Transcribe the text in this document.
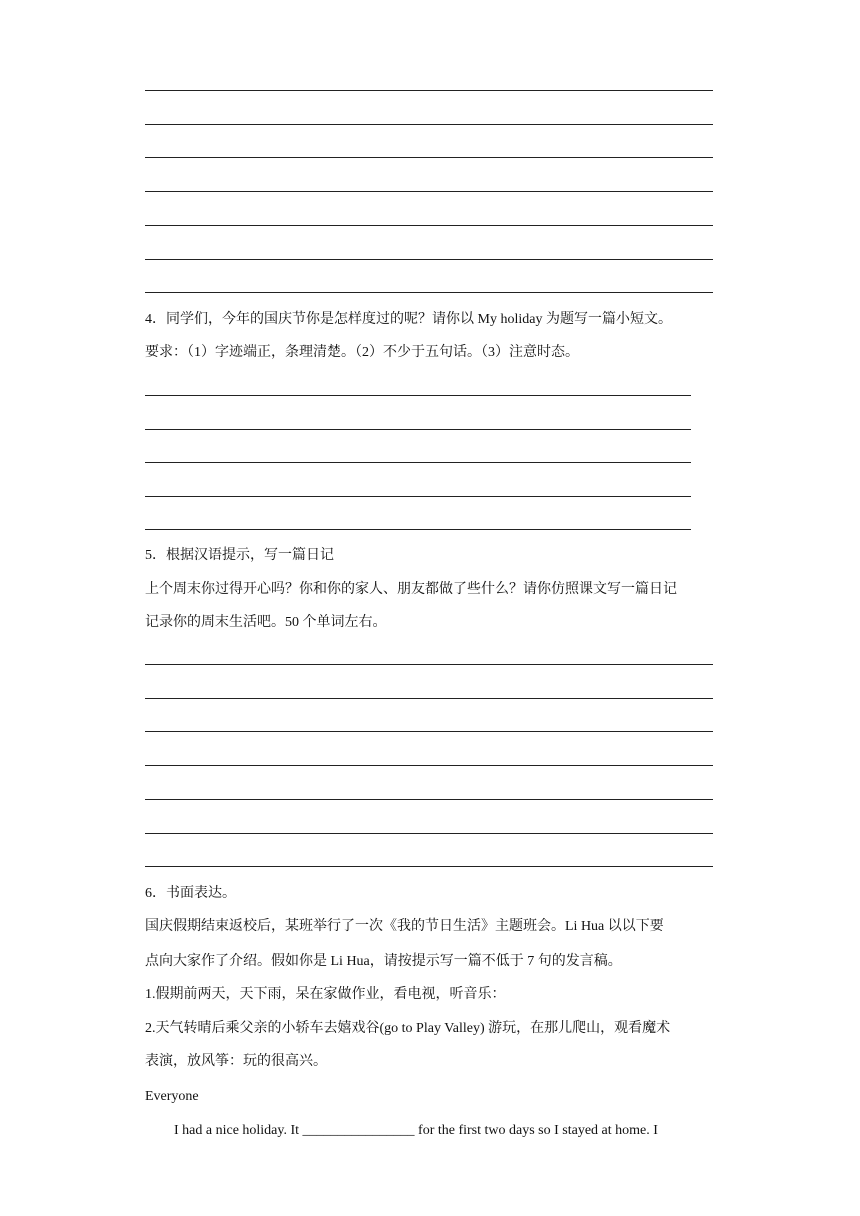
4．同学们，今年的国庆节你是怎样度过的呢？请你以 My holiday 为题写一篇小短文。
要求：（1）字迹端正，条理清楚。（2）不少于五句话。（3）注意时态。
5．根据汉语提示，写一篇日记
上个周末你过得开心吗？你和你的家人、朋友都做了些什么？请你仿照课文写一篇日记
记录你的周末生活吧。50 个单词左右。
6．书面表达。
国庆假期结束返校后，某班举行了一次《我的节日生活》主题班会。Li Hua 以以下要
点向大家作了介绍。假如你是 Li Hua，请按提示写一篇不低于 7 句的发言稿。
1.假期前两天，天下雨，呆在家做作业，看电视，听音乐：
2.天气转晴后乘父亲的小轿车去嬉戏谷(go to Play Valley) 游玩，在那儿爬山，观看魔术
表演，放风筝：玩的很高兴。
Everyone
I had a nice holiday. It ________________ for the first two days so I stayed at home. I
